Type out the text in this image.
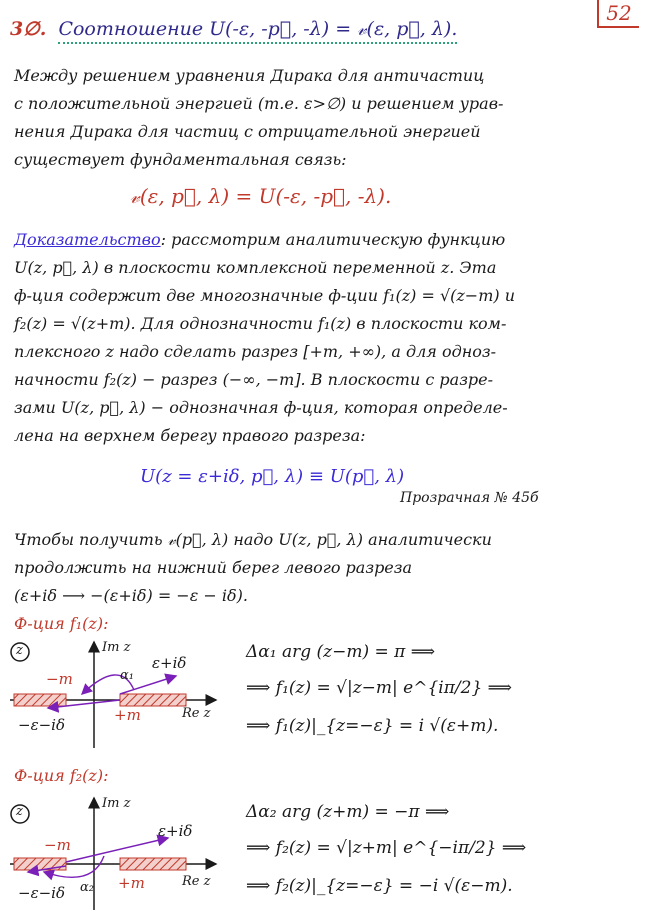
52
3∅. Соотношение U(-ε, -p⃗, -λ) = 𝓋(ε, p⃗, λ).
Между решением уравнения Дирака для античастиц
с положительной энергией (т.е. ε>∅) и решением урав-
нения Дирака для частиц с отрицательной энергией
существует фундаментальная связь:
𝓋(ε, p⃗, λ) = U(-ε, -p⃗, -λ).
Доказательство: рассмотрим аналитическую функцию
U(z, p⃗, λ) в плоскости комплексной переменной z. Эта
ф-ция содержит две многозначные ф-ции f₁(z) = √(z−m) и
f₂(z) = √(z+m). Для однозначности f₁(z) в плоскости ком-
плексного z надо сделать разрез [+m, +∞), а для одноз-
начности f₂(z) − разрез (−∞, −m]. В плоскости с разре-
зами U(z, p⃗, λ) − однозначная ф-ция, которая определе-
лена на верхнем берегу правого разреза:
U(z = ε+iδ, p⃗, λ) ≡ U(p⃗, λ)
Прозрачная № 45б
Чтобы получить 𝓋(p⃗, λ) надо U(z, p⃗, λ) аналитически
продолжить на нижний берег левого разреза
(ε+iδ ⟶ −(ε+iδ) = −ε − iδ).
Ф-ция f₁(z):
z	Im z
−m	α₁
ε+iδ
+m	Re z
−ε−iδ
Δα₁ arg (z−m) = π ⟹
⟹ f₁(z) = √|z−m| e^{iπ/2} ⟹
⟹ f₁(z)|_{z=−ε} = i √(ε+m).
Ф-ция f₂(z):
z
Im z
−m
ε+iδ
+m	Re z
α₂
−ε−iδ
Δα₂ arg (z+m) = −π ⟹
⟹ f₂(z) = √|z+m| e^{−iπ/2} ⟹
⟹ f₂(z)|_{z=−ε} = −i √(ε−m).
